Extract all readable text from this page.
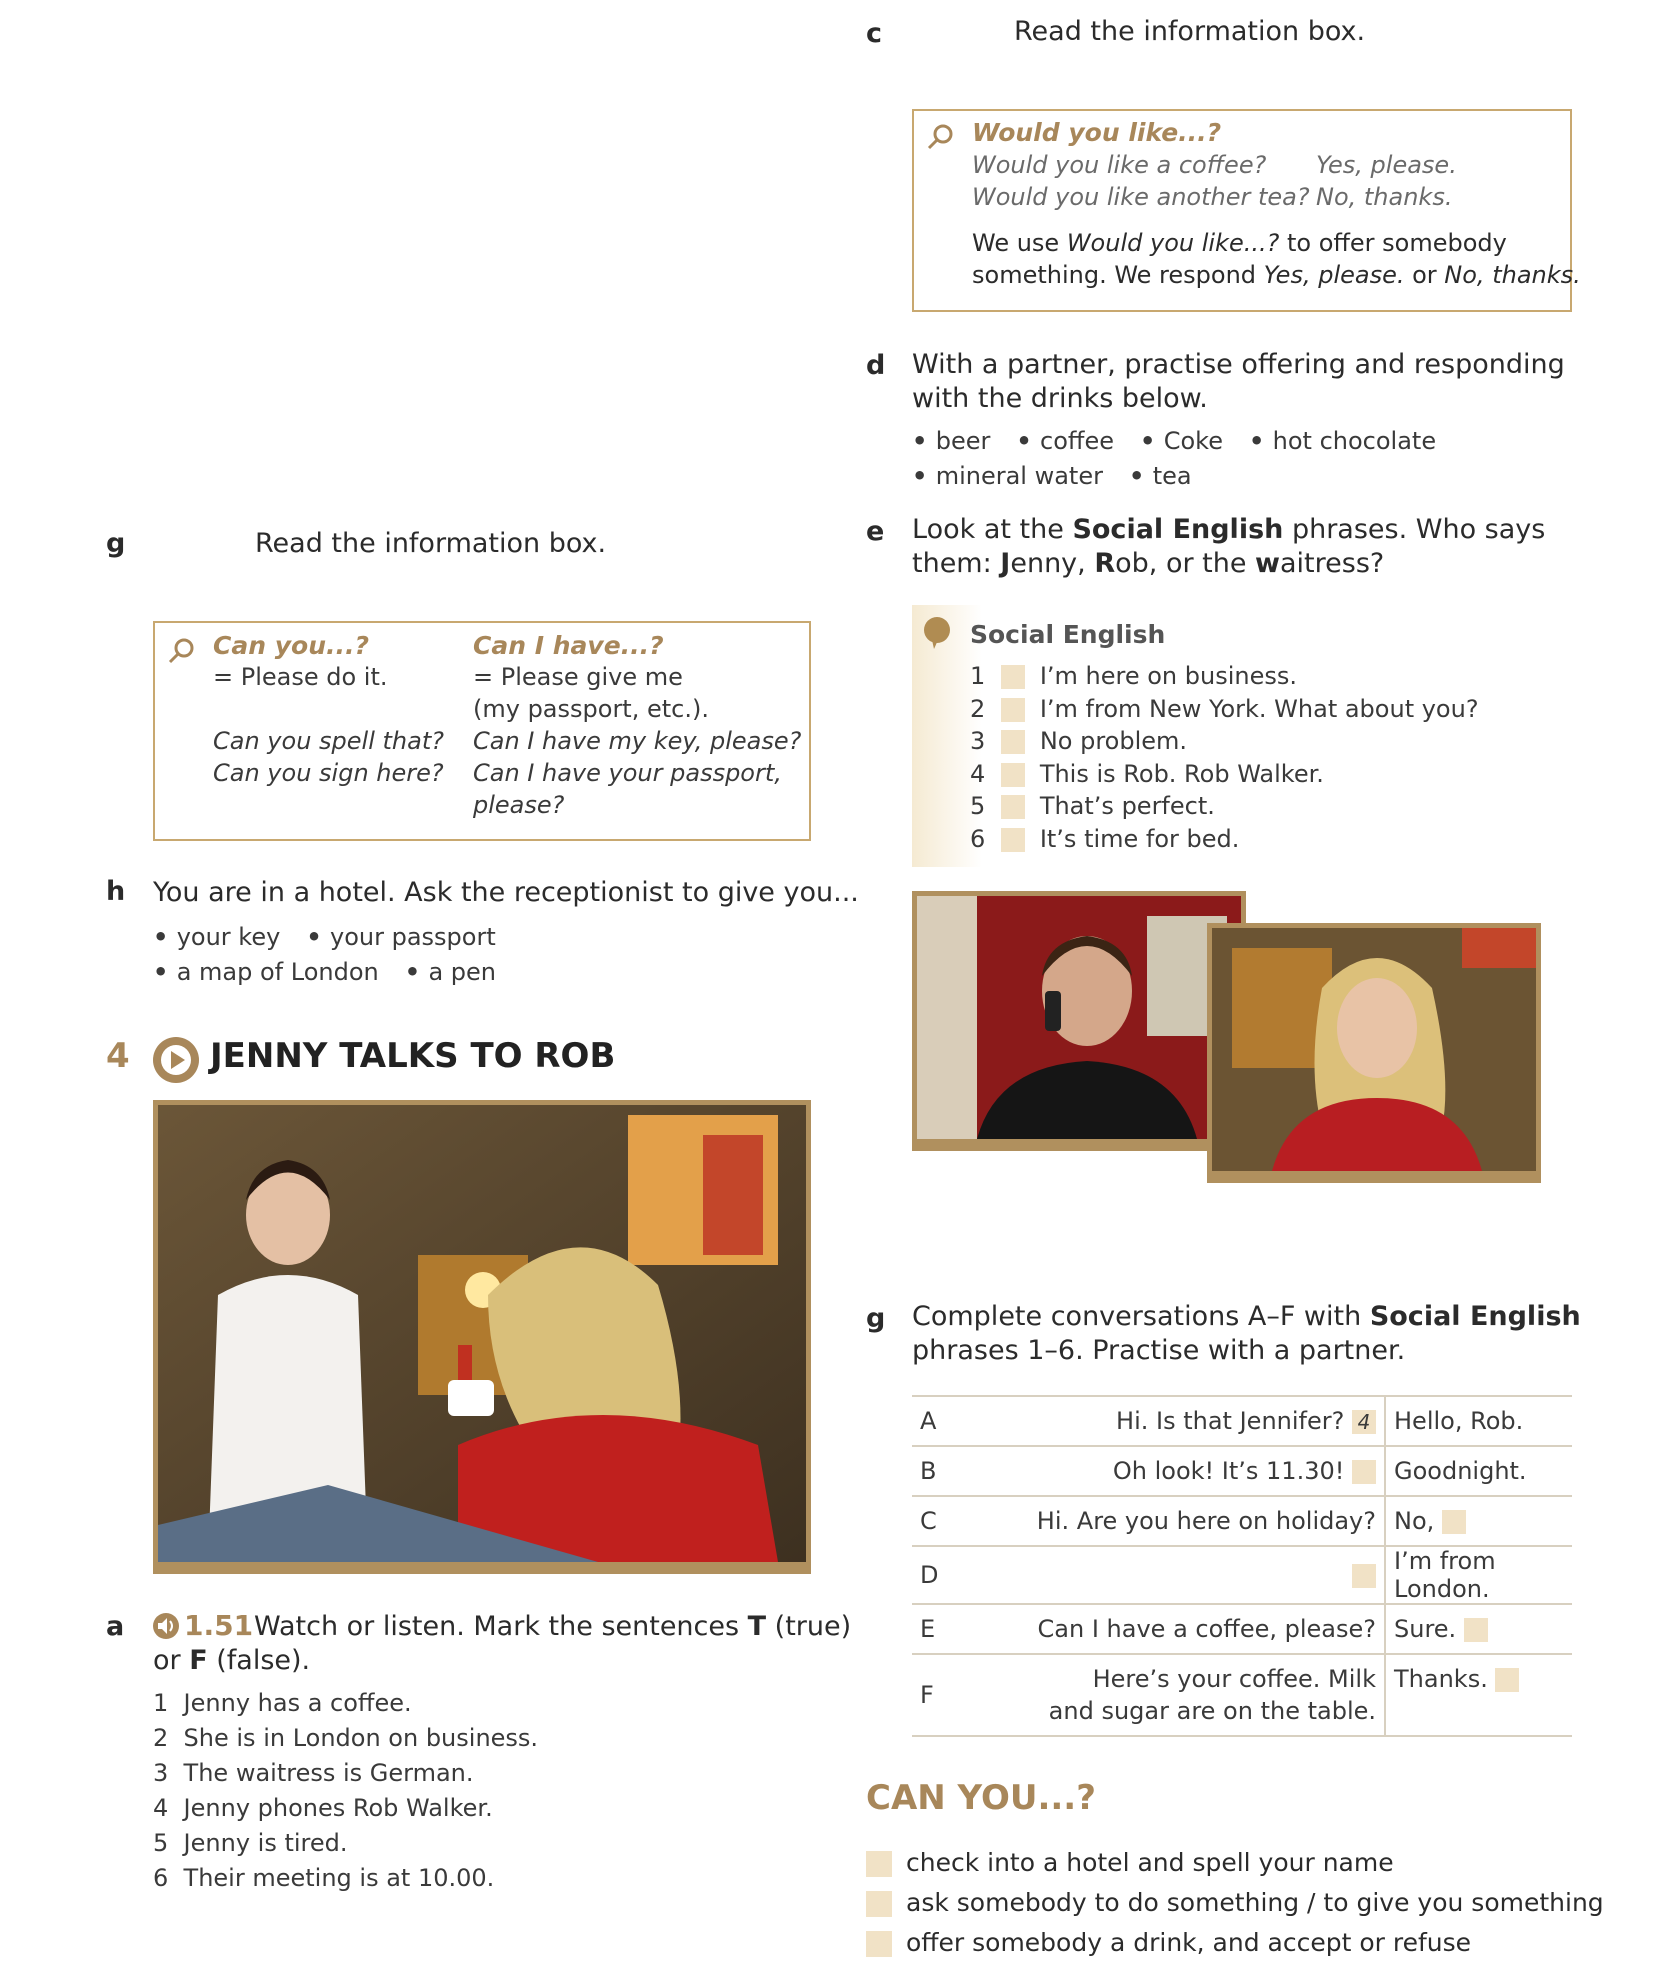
g	Read the information box.
Can you...?
= Please do it.
Can you spell that?
Can you sign here?
Can I have...?
= Please give me
(my passport, etc.).
Can I have my key, please?
Can I have your passport,
please?
h You are in a hotel. Ask the receptionist to give you...
• your key • your passport
• a map of London • a pen
4 JENNY TALKS TO ROB
a 1.51 Watch or listen. Mark the sentences T (true)
or F (false).
1 Jenny has a coffee.
2 She is in London on business.
3 The waitress is German.
4 Jenny phones Rob Walker.
5 Jenny is tired.
6 Their meeting is at 10.00.
c	Read the information box.
Would you like...?
Would you like a coffee? Yes, please.
Would you like another tea? No, thanks.
We use Would you like...? to offer somebody
something. We respond Yes, please. or No, thanks.
d With a partner, practise offering and responding
with the drinks below.
• beer • coffee • Coke • hot chocolate
• mineral water • tea
e Look at the Social English phrases. Who says
them: Jenny, Rob, or the waitress?
Social English
1 I’m here on business.
2 I’m from New York. What about you?
3 No problem.
4 This is Rob. Rob Walker.
5 That’s perfect.
6 It’s time for bed.
g Complete conversations A–F with Social English
phrases 1–6. Practise with a partner.
A	Hi. Is that Jennifer? 4	Hello, Rob.
B	Oh look! It’s 11.30!	Goodnight.
C	Hi. Are you here on holiday?	No,
D		I’m from London.
E	Can I have a coffee, please?	Sure.
F	Here’s your coffee. Milk
and sugar are on the table.	Thanks.
CAN YOU...?
check into a hotel and spell your name
ask somebody to do something / to give you something
offer somebody a drink, and accept or refuse
